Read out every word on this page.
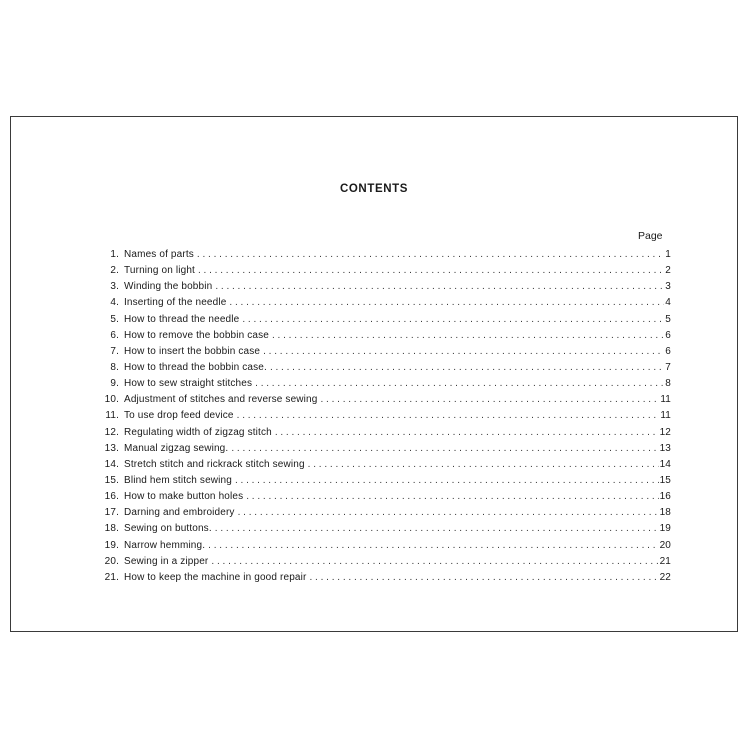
CONTENTS
Page
1. Names of parts . . .	1
2. Turning on light . . .	2
3. Winding the bobbin . . .	3
4. Inserting of the needle . . .	4
5. How to thread the needle . . .	5
6. How to remove the bobbin case . . .	6
7. How to insert the bobbin case . . .	6
8. How to thread the bobbin case. . . .	7
9. How to sew straight stitches . . .	8
10. Adjustment of stitches and reverse sewing . . .	11
11. To use drop feed device . . .	11
12. Regulating width of zigzag stitch . . .	12
13. Manual zigzag sewing. . . .	13
14. Stretch stitch and rickrack stitch sewing . . .	14
15. Blind hem stitch sewing . . .	15
16. How to make button holes . . .	16
17. Darning and embroidery . . .	18
18. Sewing on buttons. . . .	19
19. Narrow hemming. . . .	20
20. Sewing in a zipper . . .	21
21. How to keep the machine in good repair . . .	22
